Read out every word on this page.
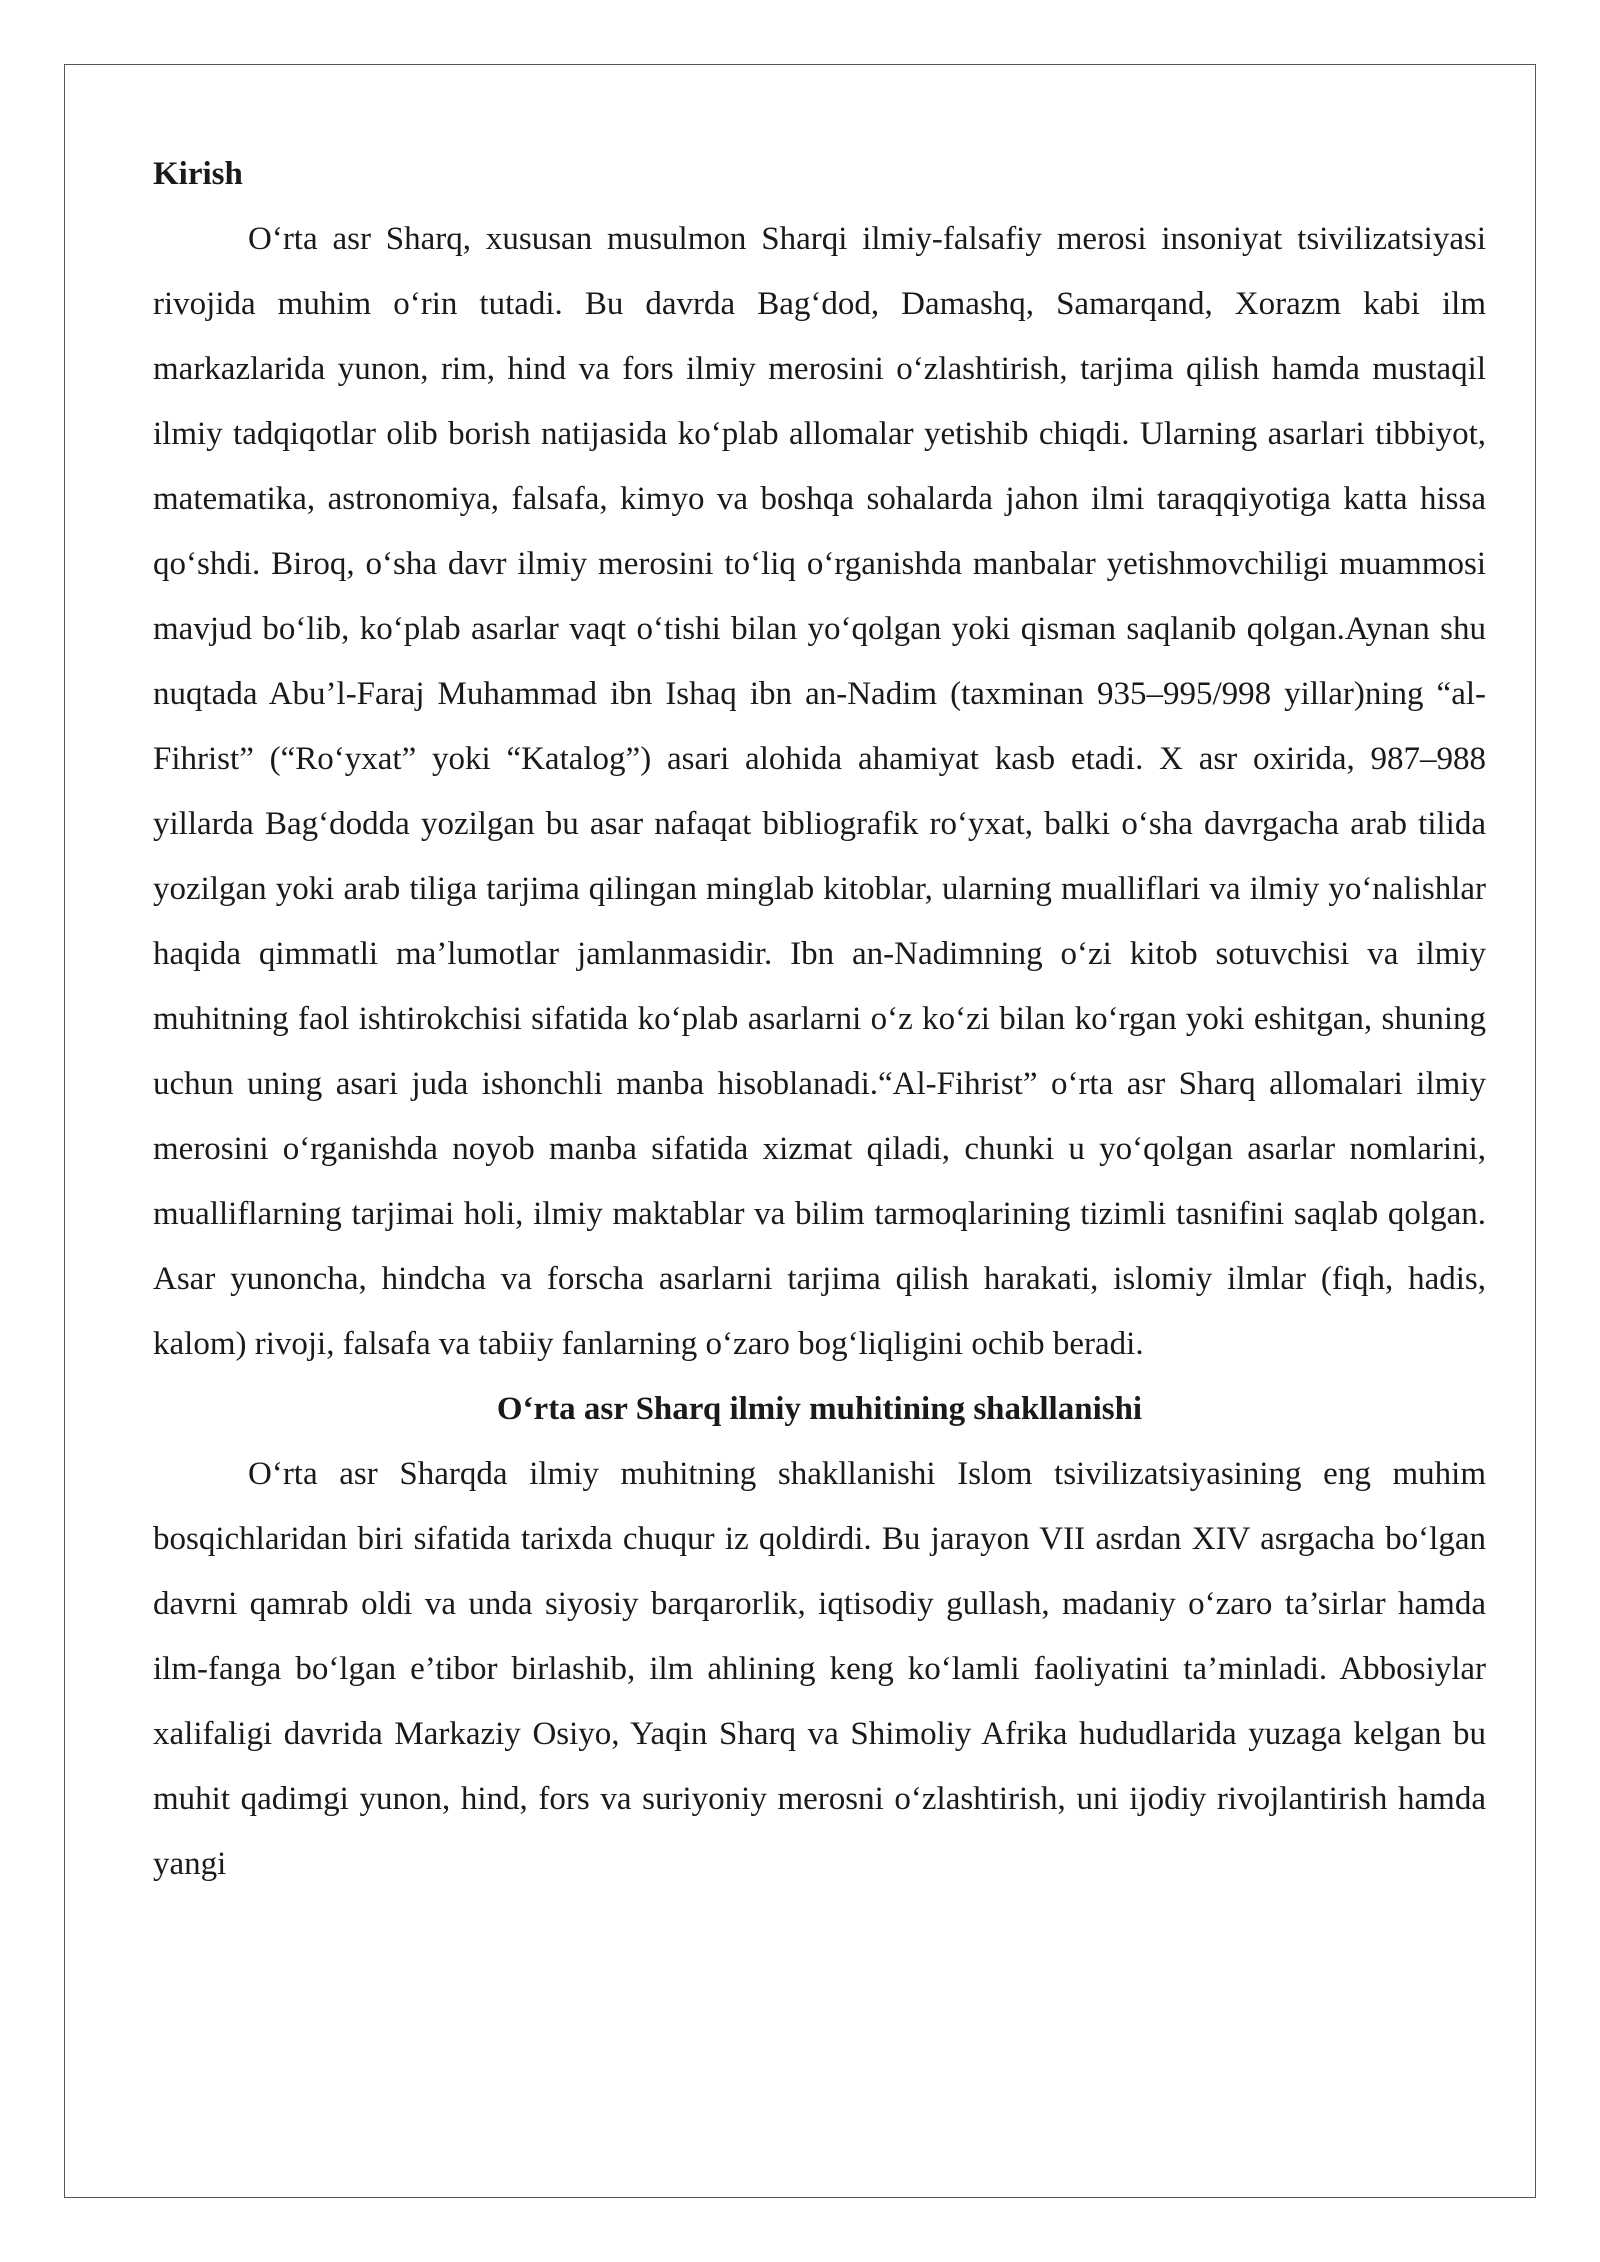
Kirish

O‘rta asr Sharq, xususan musulmon Sharqi ilmiy-falsafiy merosi insoniyat tsivilizatsiyasi rivojida muhim o‘rin tutadi. Bu davrda Bag‘dod, Damashq, Samarqand, Xorazm kabi ilm markazlarida yunon, rim, hind va fors ilmiy merosini o‘zlashtirish, tarjima qilish hamda mustaqil ilmiy tadqiqotlar olib borish natijasida ko‘plab allomalar yetishib chiqdi. Ularning asarlari tibbiyot, matematika, astronomiya, falsafa, kimyo va boshqa sohalarda jahon ilmi taraqqiyotiga katta hissa qo‘shdi. Biroq, o‘sha davr ilmiy merosini to‘liq o‘rganishda manbalar yetishmovchiligi muammosi mavjud bo‘lib, ko‘plab asarlar vaqt o‘tishi bilan yo‘qolgan yoki qisman saqlanib qolgan.Aynan shu nuqtada Abu’l-Faraj Muhammad ibn Ishaq ibn an-Nadim (taxminan 935–995/998 yillar)ning “al-Fihrist” (“Ro‘yxat” yoki “Katalog”) asari alohida ahamiyat kasb etadi. X asr oxirida, 987–988 yillarda Bag‘dodda yozilgan bu asar nafaqat bibliografik ro‘yxat, balki o‘sha davrgacha arab tilida yozilgan yoki arab tiliga tarjima qilingan minglab kitoblar, ularning mualliflari va ilmiy yo‘nalishlar haqida qimmatli ma’lumotlar jamlanmasidir. Ibn an-Nadimning o‘zi kitob sotuvchisi va ilmiy muhitning faol ishtirokchisi sifatida ko‘plab asarlarni o‘z ko‘zi bilan ko‘rgan yoki eshitgan, shuning uchun uning asari juda ishonchli manba hisoblanadi.“Al-Fihrist” o‘rta asr Sharq allomalari ilmiy merosini o‘rganishda noyob manba sifatida xizmat qiladi, chunki u yo‘qolgan asarlar nomlarini, mualliflarning tarjimai holi, ilmiy maktablar va bilim tarmoqlarining tizimli tasnifini saqlab qolgan. Asar yunoncha, hindcha va forscha asarlarni tarjima qilish harakati, islomiy ilmlar (fiqh, hadis, kalom) rivoji, falsafa va tabiiy fanlarning o‘zaro bog‘liqligini ochib beradi.

O‘rta asr Sharq ilmiy muhitining shakllanishi

O‘rta asr Sharqda ilmiy muhitning shakllanishi Islom tsivilizatsiyasining eng muhim bosqichlaridan biri sifatida tarixda chuqur iz qoldirdi. Bu jarayon VII asrdan XIV asrgacha bo‘lgan davrni qamrab oldi va unda siyosiy barqarorlik, iqtisodiy gullash, madaniy o‘zaro ta’sirlar hamda ilm-fanga bo‘lgan e’tibor birlashib, ilm ahlining keng ko‘lamli faoliyatini ta’minladi. Abbosiylar xalifaligi davrida Markaziy Osiyo, Yaqin Sharq va Shimoliy Afrika hududlarida yuzaga kelgan bu muhit qadimgi yunon, hind, fors va suriyoniy merosni o‘zlashtirish, uni ijodiy rivojlantirish hamda yangi
